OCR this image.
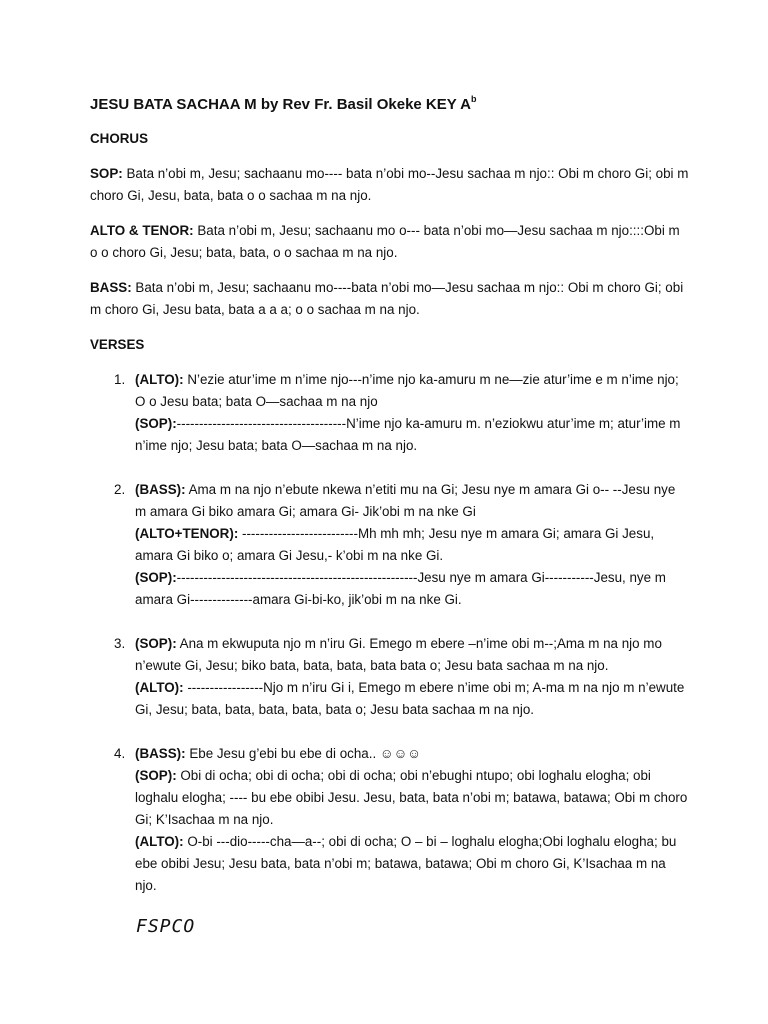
JESU BATA SACHAA M by Rev Fr. Basil Okeke KEY $A^b$
CHORUS
SOP: Bata n’obi m, Jesu; sachaanu mo---- bata n’obi mo--Jesu sachaa m njo:: Obi m choro Gi; obi m choro Gi, Jesu, bata, bata o o sachaa m na njo.
ALTO & TENOR: Bata n’obi m, Jesu; sachaanu mo o--- bata n’obi mo—Jesu sachaa m njo::::Obi m o o choro Gi, Jesu; bata, bata, o o sachaa m na njo.
BASS: Bata n’obi m, Jesu; sachaanu mo----bata n’obi mo—Jesu sachaa m njo:: Obi m choro Gi; obi m choro Gi, Jesu bata, bata a a a; o o sachaa m na njo.
VERSES
1. (ALTO): N’ezie atur’ime m n’ime njo---n’ime njo ka-amuru m ne—zie atur’ime e m n’ime njo; O o Jesu bata; bata O—sachaa m na njo
(SOP):--------------------------------------N’ime njo ka-amuru m. n’eziokwu atur’ime m; atur’ime m n’ime njo; Jesu bata; bata O—sachaa m na njo.
2. (BASS): Ama m na njo n’ebute nkewa n’etiti mu na Gi; Jesu nye m amara Gi o-- --Jesu nye m amara Gi biko amara Gi; amara Gi- Jik’obi m na nke Gi
(ALTO+TENOR): --------------------------Mh mh mh; Jesu nye m amara Gi; amara Gi Jesu, amara Gi biko o; amara Gi Jesu,- k’obi m na nke Gi.
(SOP):------------------------------------------------------Jesu nye m amara Gi-----------Jesu, nye m amara Gi--------------amara Gi-bi-ko, jik’obi m na nke Gi.
3. (SOP): Ana m ekwuputa njo m n’iru Gi. Emego m ebere –n’ime obi m--;Ama m na njo mo n’ewute Gi, Jesu; biko bata, bata, bata, bata bata o; Jesu bata sachaa m na njo.
(ALTO): -----------------Njo m n’iru Gi i, Emego m ebere n’ime obi m; A-ma m na njo m n’ewute Gi, Jesu; bata, bata, bata, bata, bata o; Jesu bata sachaa m na njo.
4. (BASS): Ebe Jesu g’ebi bu ebe di ocha.. ☺☺☺
(SOP): Obi di ocha; obi di ocha; obi di ocha; obi n’ebughi ntupo; obi loghalu elogha; obi loghalu elogha; ---- bu ebe obibi Jesu. Jesu, bata, bata n’obi m; batawa, batawa; Obi m choro Gi; K’Isachaa m na njo.
(ALTO): O-bi ---dio-----cha—a--; obi di ocha; O – bi – loghalu elogha;Obi loghalu elogha; bu ebe obibi Jesu; Jesu bata, bata n’obi m; batawa, batawa; Obi m choro Gi, K’Isachaa m na njo.
FSPCO
